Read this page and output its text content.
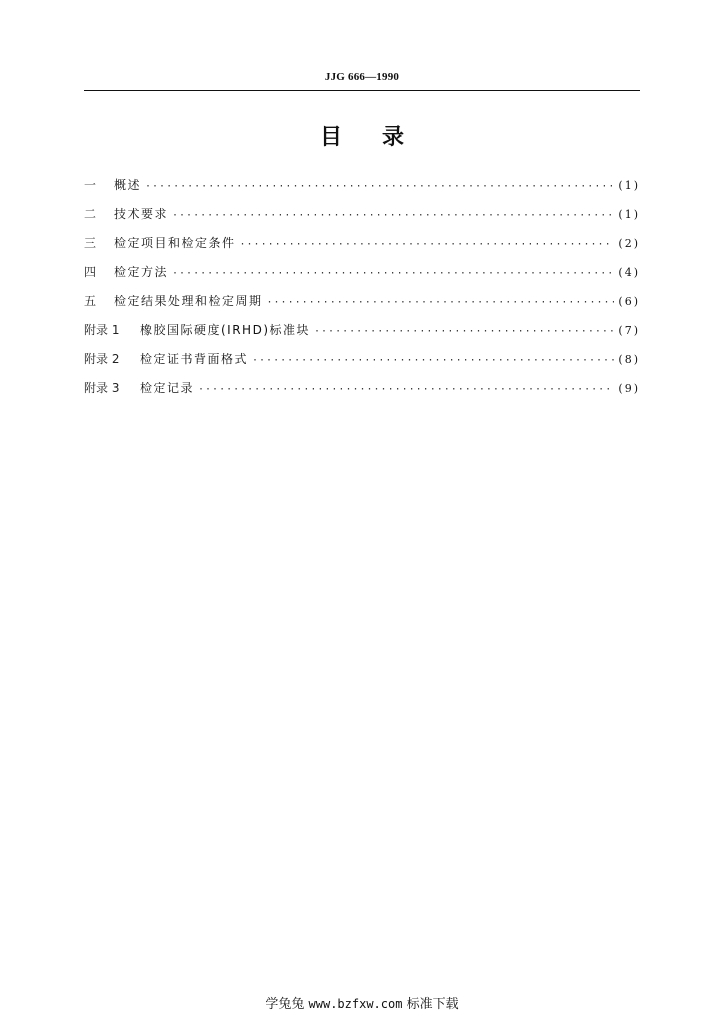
JJG 666—1990
目录
一	概述 ·····	(1)
二	技术要求 ·····	(1)
三	检定项目和检定条件 ·····	(2)
四	检定方法 ·····	(4)
五	检定结果处理和检定周期 ·····	(6)
附录 1	橡胶国际硬度(IRHD)标准块 ·····	(7)
附录 2	检定证书背面格式 ·····	(8)
附录 3	检定记录 ·····	(9)
学兔兔 www.bzfxw.com 标准下载
